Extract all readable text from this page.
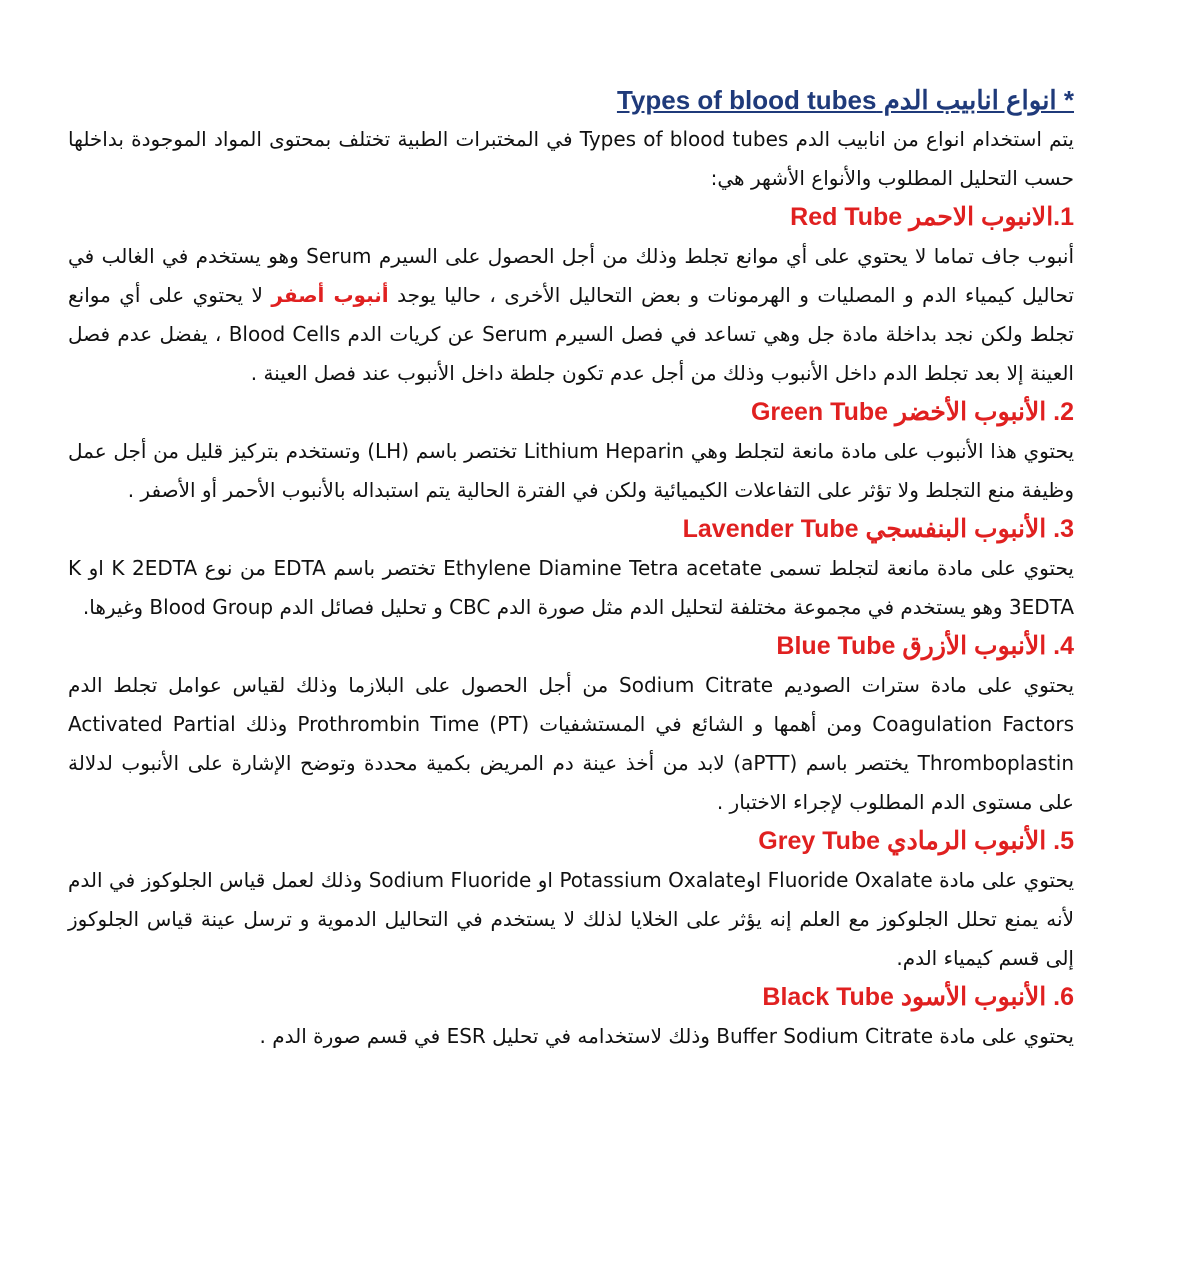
* انواع انابيب الدم Types of blood tubes

يتم استخدام انواع من انابيب الدم Types of blood tubes في المختبرات الطبية تختلف بمحتوى المواد الموجودة بداخلها حسب التحليل المطلوب والأنواع الأشهر هي:

1.الانبوب الاحمر Red Tube

أنبوب جاف تماما لا يحتوي على أي موانع تجلط وذلك من أجل الحصول على السيرم Serum وهو يستخدم في الغالب في تحاليل كيمياء الدم و المصليات و الهرمونات و بعض التحاليل الأخرى ، حاليا يوجد أنبوب أصفر لا يحتوي على أي موانع تجلط ولكن نجد بداخلة مادة جل وهي تساعد في فصل السيرم Serum عن كريات الدم Blood Cells ، يفضل عدم فصل العينة إلا بعد تجلط الدم داخل الأنبوب وذلك من أجل عدم تكون جلطة داخل الأنبوب عند فصل العينة .

2. الأنبوب الأخضر Green Tube

يحتوي هذا الأنبوب على مادة مانعة لتجلط وهي Lithium Heparin تختصر باسم (LH) وتستخدم بتركيز قليل من أجل عمل وظيفة منع التجلط ولا تؤثر على التفاعلات الكيميائية ولكن في الفترة الحالية يتم استبداله بالأنبوب الأحمر أو الأصفر .

3. الأنبوب البنفسجي Lavender Tube

يحتوي على مادة مانعة لتجلط تسمى Ethylene Diamine Tetra acetate تختصر باسم EDTA من نوع K 2EDTA او K 3EDTA وهو يستخدم في مجموعة مختلفة لتحليل الدم مثل صورة الدم CBC و تحليل فصائل الدم Blood Group وغيرها.

4. الأنبوب الأزرق Blue Tube

يحتوي على مادة سترات الصوديم Sodium Citrate من أجل الحصول على البلازما وذلك لقياس عوامل تجلط الدم Coagulation Factors ومن أهمها و الشائع في المستشفيات Prothrombin Time (PT) وذلك Activated Partial Thromboplastin يختصر باسم (aPTT) لابد من أخذ عينة دم المريض بكمية محددة وتوضح الإشارة على الأنبوب لدلالة على مستوى الدم المطلوب لإجراء الاختبار .

5. الأنبوب الرمادي Grey Tube

يحتوي على مادة Fluoride Oxalate اوPotassium Oxalate او Sodium Fluoride وذلك لعمل قياس الجلوكوز في الدم لأنه يمنع تحلل الجلوكوز مع العلم إنه يؤثر على الخلايا لذلك لا يستخدم في التحاليل الدموية و ترسل عينة قياس الجلوكوز إلى قسم كيمياء الدم.

6. الأنبوب الأسود Black Tube

يحتوي على مادة Buffer Sodium Citrate وذلك لاستخدامه في تحليل ESR في قسم صورة الدم .
